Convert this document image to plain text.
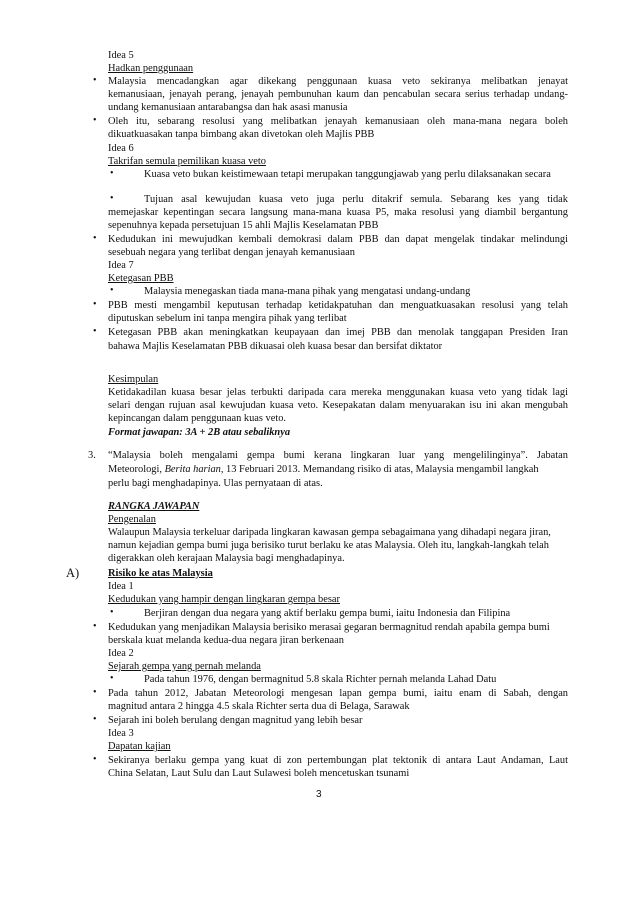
Idea 5
Hadkan penggunaan
• Malaysia mencadangkan agar dikekang penggunaan kuasa veto sekiranya melibatkan jenayat
kemanusiaan, jenayah perang, jenayah pembunuhan kaum dan pencabulan secara serius terhadap undang-
undang kemanusiaan antarabangsa dan hak asasi manusia
• Oleh itu, sebarang resolusi yang melibatkan jenayah kemanusiaan oleh mana-mana negara boleh
dikuatkuasakan tanpa bimbang akan divetokan oleh Majlis PBB
Idea 6
Takrifan semula pemilikan kuasa veto
•	Kuasa veto bukan keistimewaan tetapi merupakan tanggungjawab yang perlu dilaksanakan secara
•	Tujuan asal kewujudan kuasa veto juga perlu ditakrif semula. Sebarang kes yang tidak
memejaskar kepentingan secara langsung mana-mana kuasa P5, maka resolusi yang diambil bergantung
sepenuhnya kepada persetujuan 15 ahli Majlis Keselamatan PBB
• Kedudukan ini mewujudkan kembali demokrasi dalam PBB dan dapat mengelak tindakar melindungi
sesebuah negara yang terlibat dengan jenayah kemanusiaan
Idea 7
Ketegasan PBB
•	Malaysia menegaskan tiada mana-mana pihak yang mengatasi undang-undang
• PBB mesti mengambil keputusan terhadap ketidakpatuhan dan menguatkuasakan resolusi yang telah
diputuskan sebelum ini tanpa mengira pihak yang terlibat
• Ketegasan PBB akan meningkatkan keupayaan dan imej PBB dan menolak tanggapan Presiden Iran
bahawa Majlis Keselamatan PBB dikuasai oleh kuasa besar dan bersifat diktator
Kesimpulan
Ketidakadilan kuasa besar jelas terbukti daripada cara mereka menggunakan kuasa veto yang tidak lagi
selari dengan rujuan asal kewujudan kuasa veto. Kesepakatan dalam menyuarakan isu ini akan mengubah
kepincangan dalam penggunaan kuas veto.
Format jawapan: 3A + 2B atau sebaliknya
3. “Malaysia boleh mengalami gempa bumi kerana lingkaran luar yang mengelilinginya”. Jabatan
Meteorologi, Berita harian, 13 Februari 2013. Memandang risiko di atas, Malaysia mengambil langkah
perlu bagi menghadapinya. Ulas pernyataan di atas.
RANGKA JAWAPAN
Pengenalan
Walaupun Malaysia terkeluar daripada lingkaran kawasan gempa sebagaimana yang dihadapi negara jiran,
namun kejadian gempa bumi juga berisiko turut berlaku ke atas Malaysia. Oleh itu, langkah-langkah telah
digerakkan oleh kerajaan Malaysia bagi menghadapinya.
A)	Risiko ke atas Malaysia
Idea 1
Kedudukan yang hampir dengan lingkaran gempa besar
•	Berjiran dengan dua negara yang aktif berlaku gempa bumi, iaitu Indonesia dan Filipina
• Kedudukan yang menjadikan Malaysia berisiko merasai gegaran bermagnitud rendah apabila gempa bumi
berskala kuat melanda kedua-dua negara jiran berkenaan
Idea 2
Sejarah gempa yang pernah melanda
•	Pada tahun 1976, dengan bermagnitud 5.8 skala Richter pernah melanda Lahad Datu
• Pada tahun 2012, Jabatan Meteorologi mengesan lapan gempa bumi, iaitu enam di Sabah, dengan
magnitud antara 2 hingga 4.5 skala Richter serta dua di Belaga, Sarawak
• Sejarah ini boleh berulang dengan magnitud yang lebih besar
Idea 3
Dapatan kajian
• Sekiranya berlaku gempa yang kuat di zon pertembungan plat tektonik di antara Laut Andaman, Laut
China Selatan, Laut Sulu dan Laut Sulawesi boleh mencetuskan tsunami
3
